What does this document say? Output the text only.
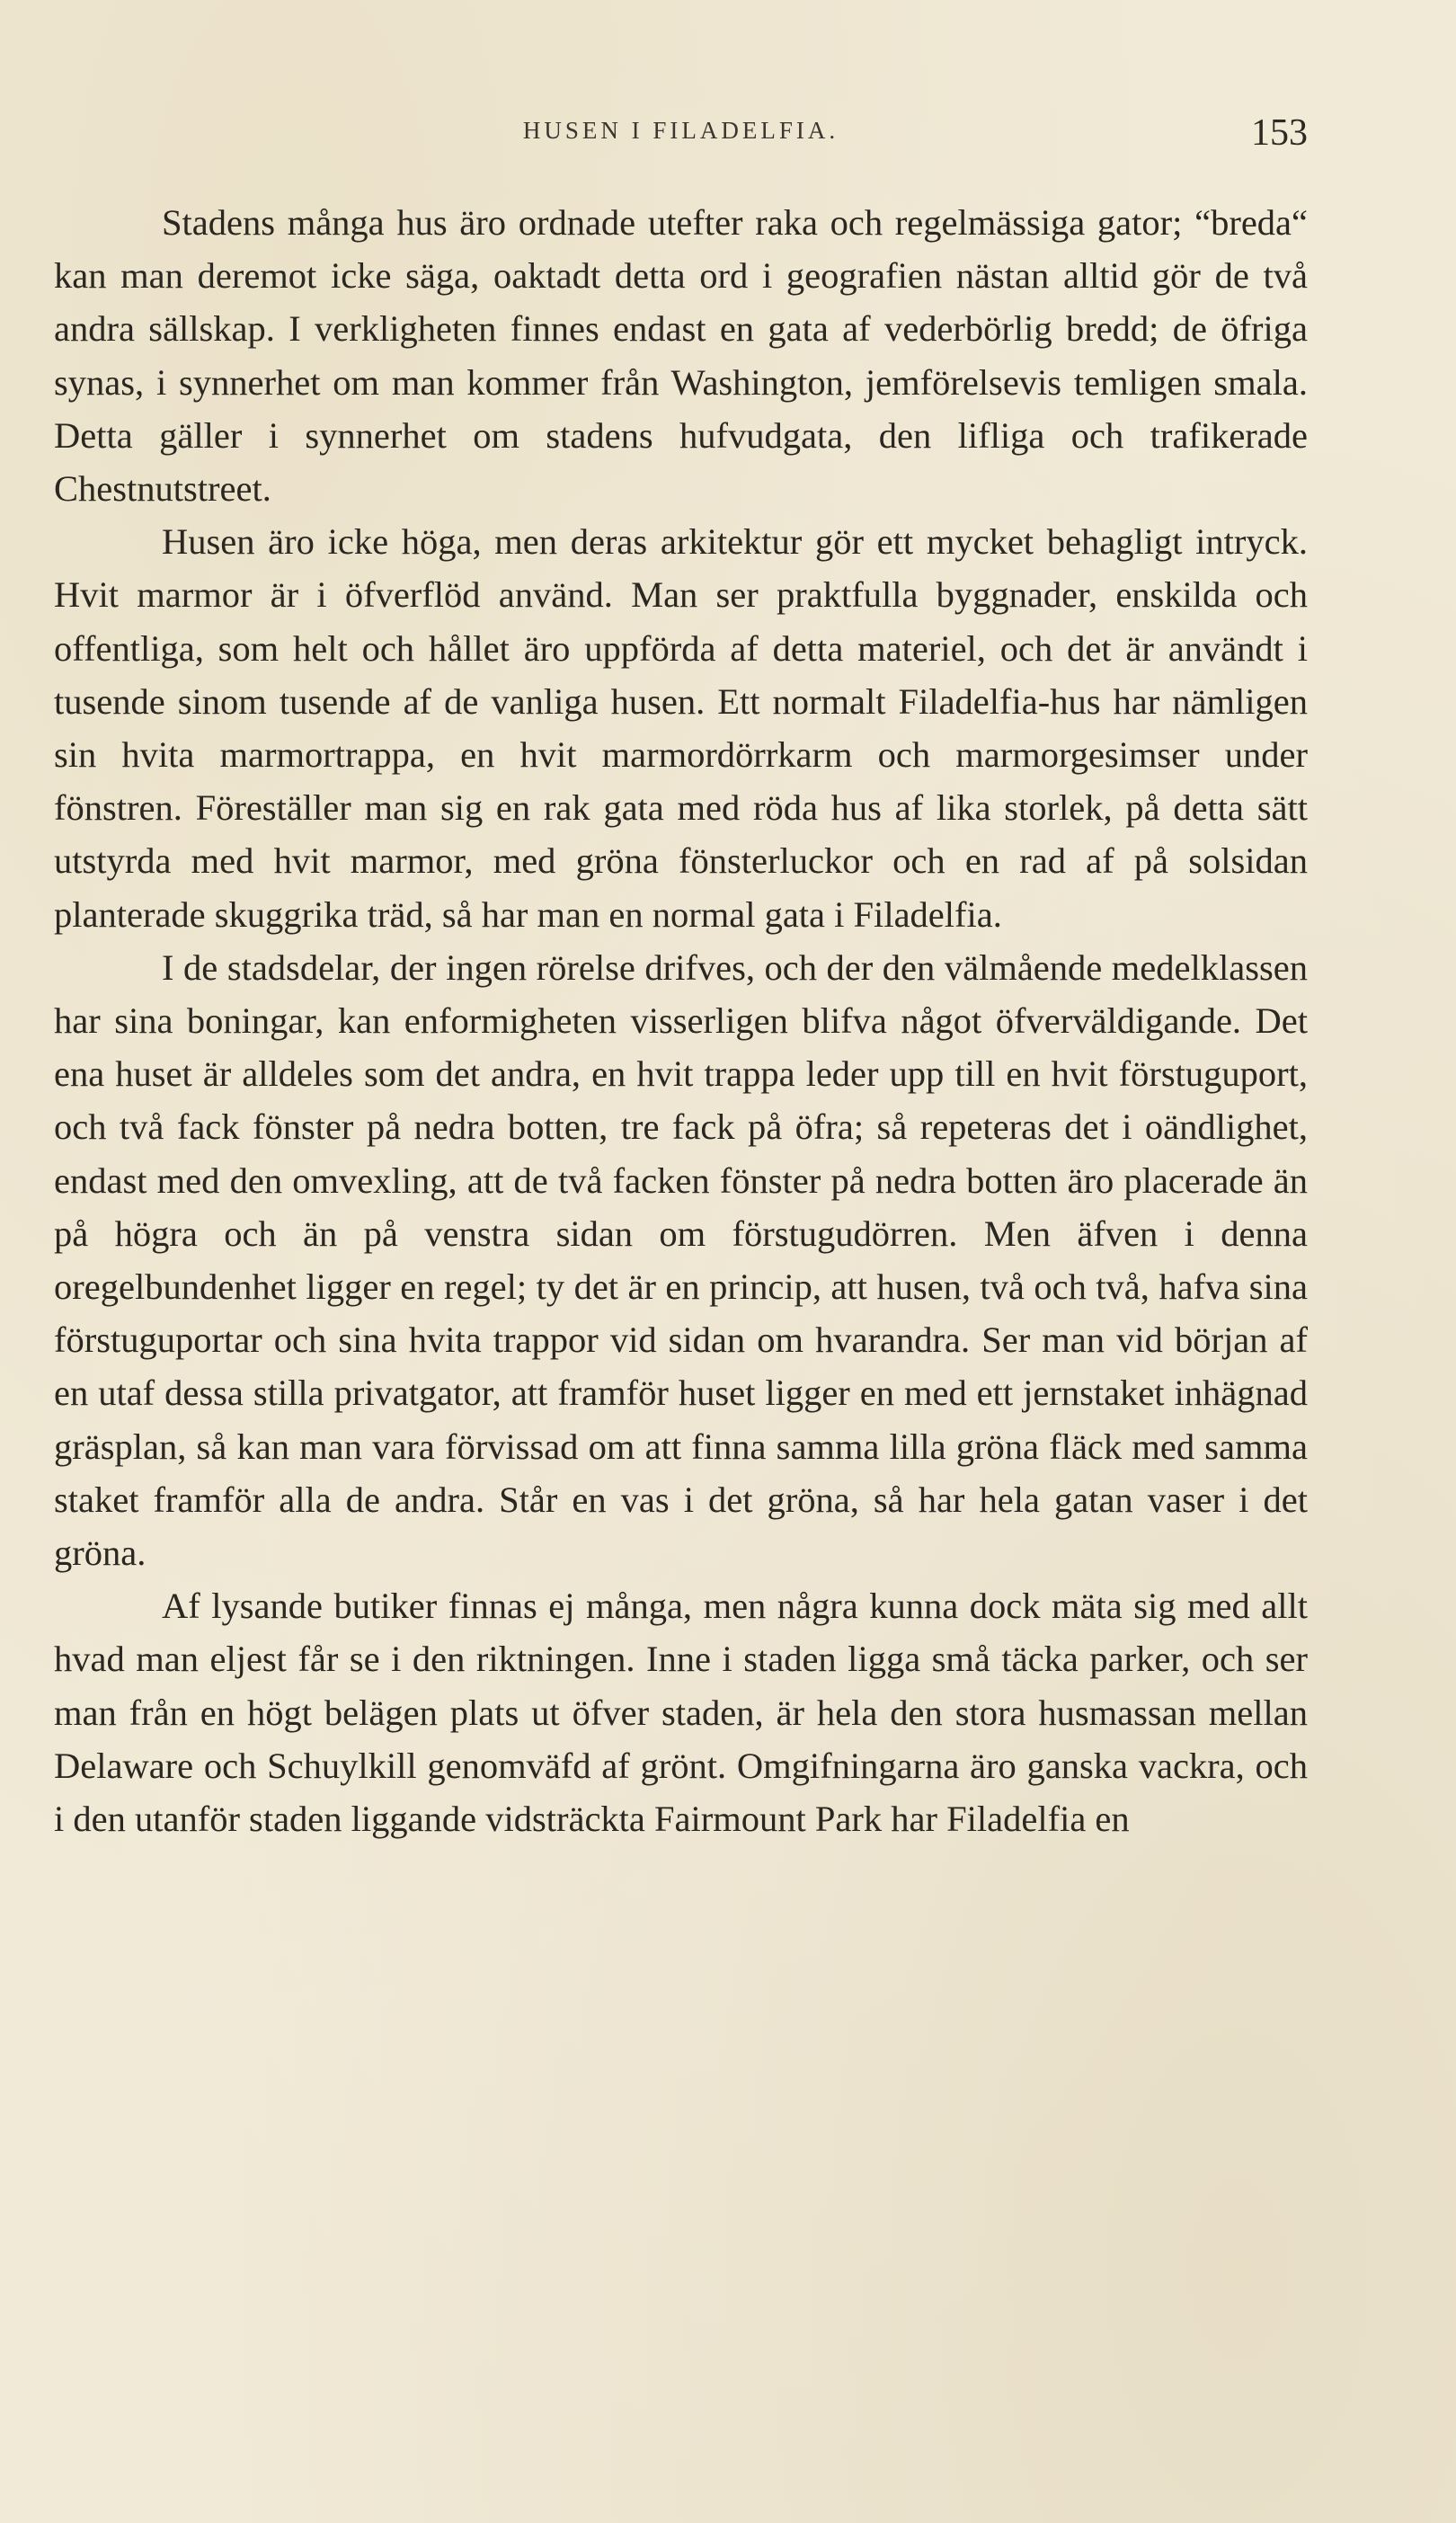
HUSEN I FILADELFIA.	153

Stadens många hus äro ordnade utefter raka och regelmässiga gator; “breda“ kan man deremot icke säga, oaktadt detta ord i geografien nästan alltid gör de två andra sällskap. I verkligheten finnes endast en gata af vederbörlig bredd; de öfriga synas, i synnerhet om man kommer från Washington, jemförelsevis temligen smala. Detta gäller i synnerhet om stadens hufvudgata, den lifliga och trafikerade Chestnutstreet.

Husen äro icke höga, men deras arkitektur gör ett mycket behagligt intryck. Hvit marmor är i öfverflöd använd. Man ser praktfulla byggnader, enskilda och offentliga, som helt och hållet äro uppförda af detta materiel, och det är användt i tusende sinom tusende af de vanliga husen. Ett normalt Filadelfia-hus har nämligen sin hvita marmortrappa, en hvit marmordörrkarm och marmorgesimser under fönstren. Föreställer man sig en rak gata med röda hus af lika storlek, på detta sätt utstyrda med hvit marmor, med gröna fönsterluckor och en rad af på solsidan planterade skuggrika träd, så har man en normal gata i Filadelfia.

I de stadsdelar, der ingen rörelse drifves, och der den välmående medelklassen har sina boningar, kan enformigheten visserligen blifva något öfverväldigande. Det ena huset är alldeles som det andra, en hvit trappa leder upp till en hvit förstuguport, och två fack fönster på nedra botten, tre fack på öfra; så repeteras det i oändlighet, endast med den omvexling, att de två facken fönster på nedra botten äro placerade än på högra och än på venstra sidan om förstugudörren. Men äfven i denna oregelbundenhet ligger en regel; ty det är en princip, att husen, två och två, hafva sina förstuguportar och sina hvita trappor vid sidan om hvarandra. Ser man vid början af en utaf dessa stilla privatgator, att framför huset ligger en med ett jernstaket inhägnad gräsplan, så kan man vara förvissad om att finna samma lilla gröna fläck med samma staket framför alla de andra. Står en vas i det gröna, så har hela gatan vaser i det gröna.

Af lysande butiker finnas ej många, men några kunna dock mäta sig med allt hvad man eljest får se i den riktningen. Inne i staden ligga små täcka parker, och ser man från en högt belägen plats ut öfver staden, är hela den stora husmassan mellan Delaware och Schuylkill genomväfd af grönt. Omgifningarna äro ganska vackra, och i den utanför staden liggande vidsträckta Fairmount Park har Filadelfia en
